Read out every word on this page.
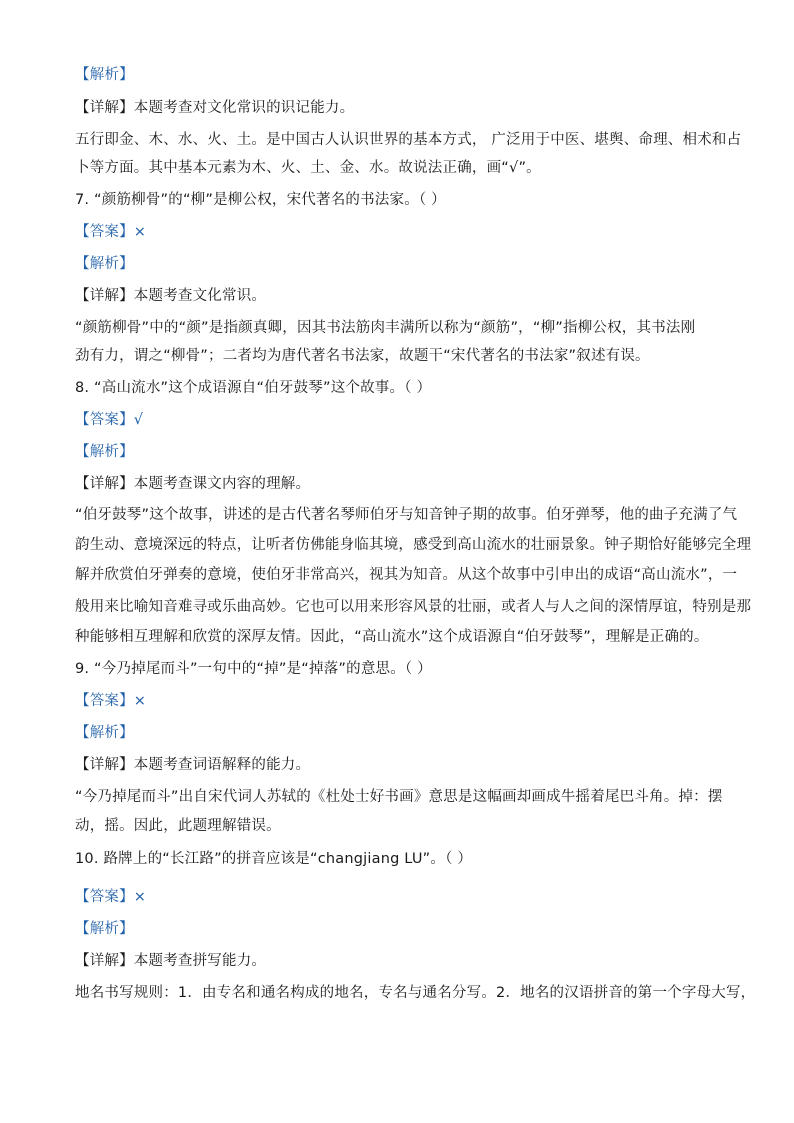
【解析】
【详解】本题考查对文化常识的识记能力。
五行即金、木、水、火、土。是中国古人认识世界的基本方式， 广泛用于中医、堪舆、命理、相术和占
卜等方面。其中基本元素为木、火、土、金、水。故说法正确，画“√”。
7. “颜筋柳骨”的“柳”是柳公权，宋代著名的书法家。（ ）
【答案】×
【解析】
【详解】本题考查文化常识。
“颜筋柳骨”中的“颜”是指颜真卿，因其书法筋肉丰满所以称为“颜筋”，“柳”指柳公权，其书法刚
劲有力，谓之“柳骨”；二者均为唐代著名书法家，故题干“宋代著名的书法家”叙述有误。
8. “高山流水”这个成语源自“伯牙鼓琴”这个故事。（ ）
【答案】√
【解析】
【详解】本题考查课文内容的理解。
“伯牙鼓琴”这个故事，讲述的是古代著名琴师伯牙与知音钟子期的故事。伯牙弹琴，他的曲子充满了气
韵生动、意境深远的特点，让听者仿佛能身临其境，感受到高山流水的壮丽景象。钟子期恰好能够完全理
解并欣赏伯牙弹奏的意境，使伯牙非常高兴，视其为知音。从这个故事中引申出的成语“高山流水”，一
般用来比喻知音难寻或乐曲高妙。它也可以用来形容风景的壮丽，或者人与人之间的深情厚谊，特别是那
种能够相互理解和欣赏的深厚友情。因此，“高山流水”这个成语源自“伯牙鼓琴”，理解是正确的。
9. “今乃掉尾而斗”一句中的“掉”是“掉落”的意思。（ ）
【答案】×
【解析】
【详解】本题考查词语解释的能力。
“今乃掉尾而斗”出自宋代词人苏轼的《杜处士好书画》意思是这幅画却画成牛摇着尾巴斗角。掉：摆
动，摇。因此，此题理解错误。
10. 路牌上的“长江路”的拼音应该是“changjiang LU”。（ ）
【答案】×
【解析】
【详解】本题考查拼写能力。
地名书写规则：1．由专名和通名构成的地名，专名与通名分写。2．地名的汉语拼音的第一个字母大写，
